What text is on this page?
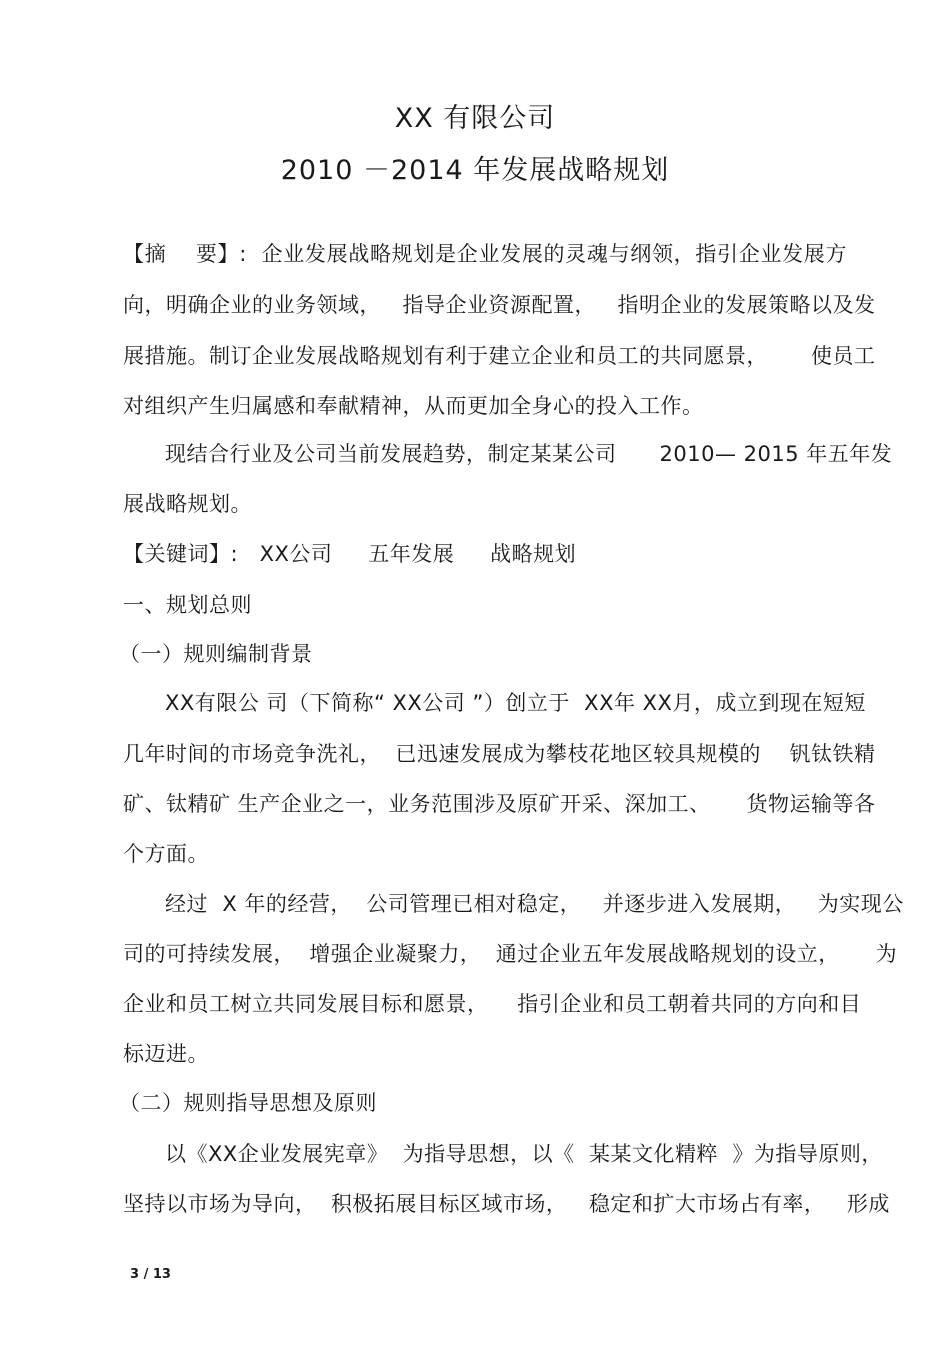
XX 有限公司
2010 －2014 年发展战略规划
【摘    要】:  企业发展战略规划是企业发展的灵魂与纲领，指引企业发展方
向，明确企业的业务领域，   指导企业资源配置，   指明企业的发展策略以及发
展措施。制订企业发展战略规划有利于建立企业和员工的共同愿景，      使员工
对组织产生归属感和奉献精神，从而更加全身心的投入工作。
现结合行业及公司当前发展趋势，制定某某公司      2010— 2015 年五年发
展战略规划。
【关键词】:   XX公司     五年发展     战略规划
一、规划总则
（一）规则编制背景
XX有限公 司（下简称“ XX公司 ”）创立于  XX年 XX月，成立到现在短短
几年时间的市场竞争洗礼，  已迅速发展成为攀枝花地区较具规模的    钒钛铁精
矿、钛精矿 生产企业之一，业务范围涉及原矿开采、深加工、     货物运输等各
个方面。
经过  X 年的经营，  公司管理已相对稳定，   并逐步进入发展期，   为实现公
司的可持续发展，  增强企业凝聚力，  通过企业五年发展战略规划的设立，     为
企业和员工树立共同发展目标和愿景，    指引企业和员工朝着共同的方向和目
标迈进。
（二）规则指导思想及原则
以《XX企业发展宪章》  为指导思想，以《  某某文化精粹  》为指导原则，
坚持以市场为导向，  积极拓展目标区域市场，   稳定和扩大市场占有率，   形成
3 / 13
